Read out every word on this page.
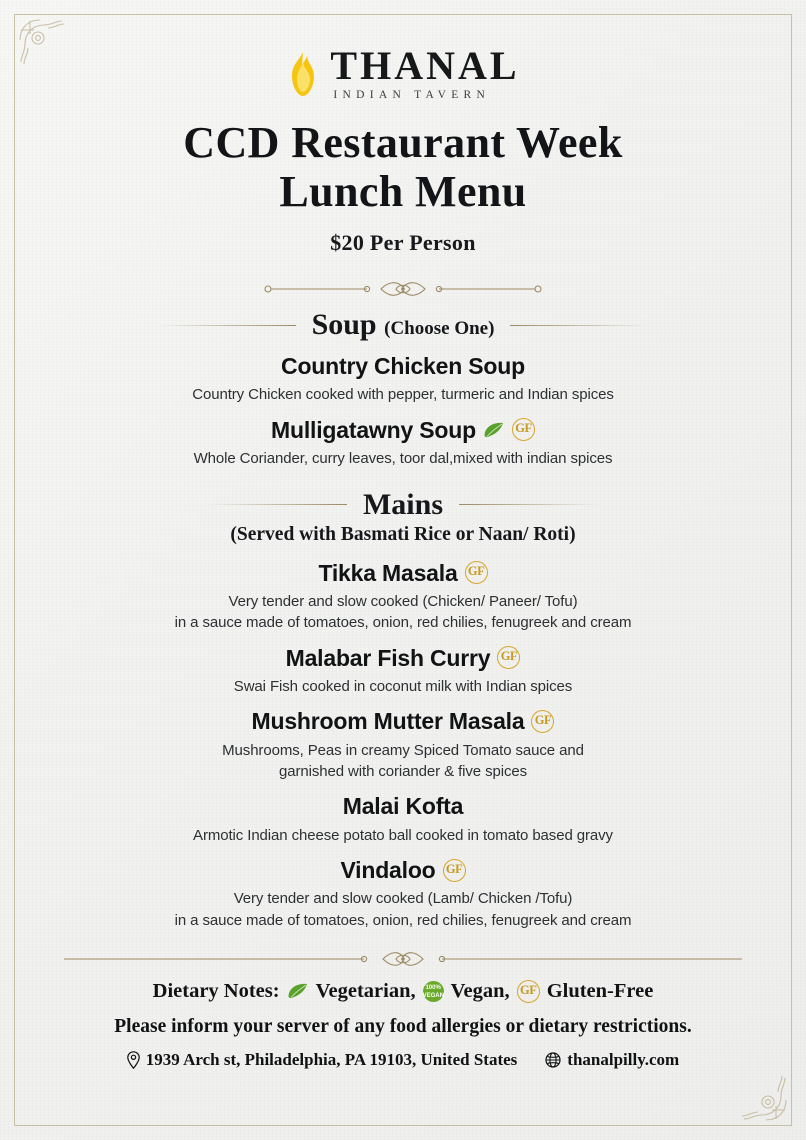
THANAL
INDIAN TAVERN
CCD Restaurant Week
Lunch Menu
$20 Per Person
Soup (Choose One)
Country Chicken Soup
Country Chicken cooked with pepper, turmeric and Indian spices
Mulligatawny Soup	GF
Whole Coriander, curry leaves, toor dal,mixed with indian spices
Mains
(Served with Basmati Rice or Naan/ Roti)
Tikka Masala GF
Very tender and slow cooked (Chicken/ Paneer/ Tofu)
in a sauce made of tomatoes, onion, red chilies, fenugreek and cream
Malabar Fish Curry GF
Swai Fish cooked in coconut milk with Indian spices
Mushroom Mutter Masala GF
Mushrooms, Peas in creamy Spiced Tomato sauce and
garnished with coriander & five spices
Malai Kofta
Armotic Indian cheese potato ball cooked in tomato based gravy
Vindaloo GF
Very tender and slow cooked (Lamb/ Chicken /Tofu)
in a sauce made of tomatoes, onion, red chilies, fenugreek and cream
Dietary Notes: Vegetarian,	100% VEGAN Vegan, GF Gluten-Free
Please inform your server of any food allergies or dietary restrictions.
1939 Arch st, Philadelphia, PA 19103, United States	thanalpilly.com
